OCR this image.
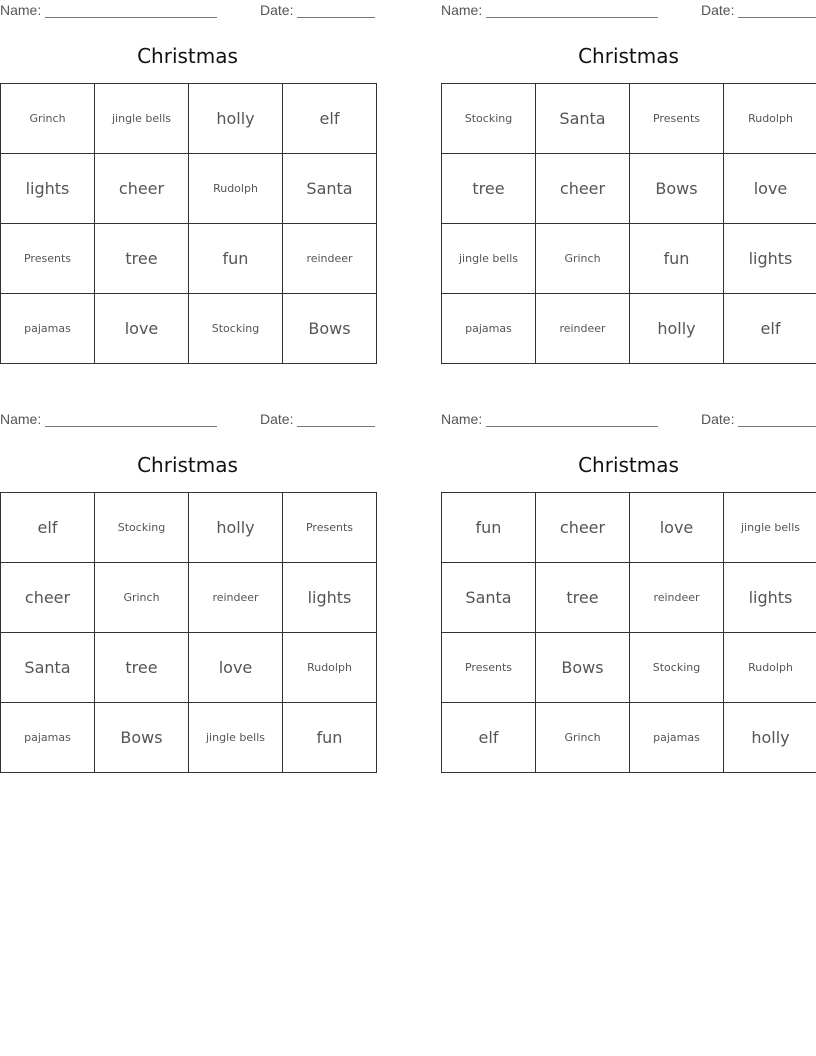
Name:	Date:
Christmas
Grinch	jingle bells	holly	elf
lights	cheer	Rudolph	Santa
Presents	tree	fun	reindeer
pajamas	love	Stocking	Bows
Name:	Date:
Christmas
Stocking	Santa	Presents	Rudolph
tree	cheer	Bows	love
jingle bells	Grinch	fun	lights
pajamas	reindeer	holly	elf
Name:	Date:
Christmas
elf	Stocking	holly	Presents
cheer	Grinch	reindeer	lights
Santa	tree	love	Rudolph
pajamas	Bows	jingle bells	fun
Name:	Date:
Christmas
fun	cheer	love	jingle bells
Santa	tree	reindeer	lights
Presents	Bows	Stocking	Rudolph
elf	Grinch	pajamas	holly
